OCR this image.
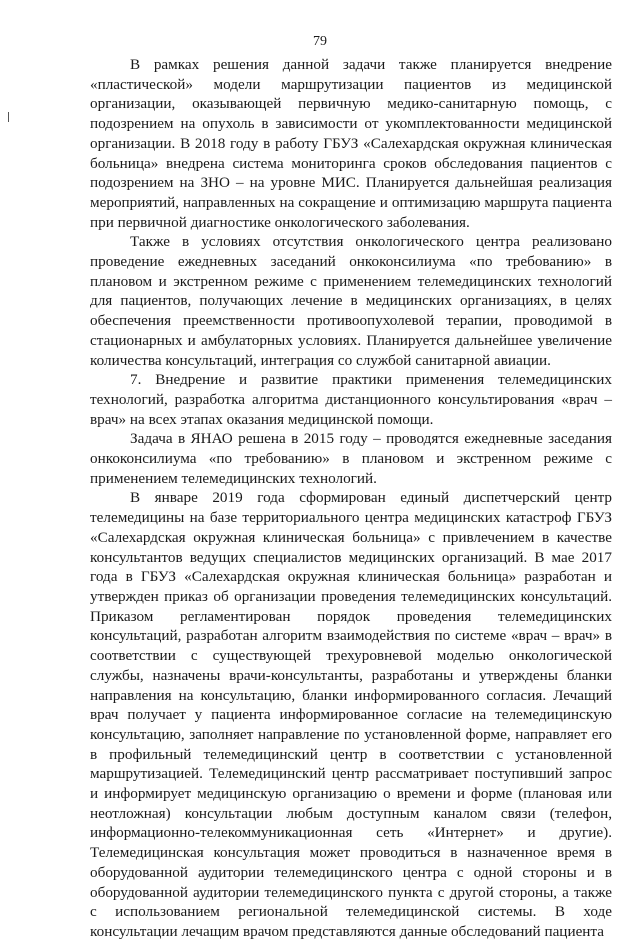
79

В рамках решения данной задачи также планируется внедрение «пластической» модели маршрутизации пациентов из медицинской организации, оказывающей первичную медико-санитарную помощь, с подозрением на опухоль в зависимости от укомплектованности медицинской организации. В 2018 году в работу ГБУЗ «Салехардская окружная клиническая больница» внедрена система мониторинга сроков обследования пациентов с подозрением на ЗНО – на уровне МИС. Планируется дальнейшая реализация мероприятий, направленных на сокращение и оптимизацию маршрута пациента при первичной диагностике онкологического заболевания.

Также в условиях отсутствия онкологического центра реализовано проведение ежедневных заседаний онкоконсилиума «по требованию» в плановом и экстренном режиме с применением телемедицинских технологий для пациентов, получающих лечение в медицинских организациях, в целях обеспечения преемственности противоопухолевой терапии, проводимой в стационарных и амбулаторных условиях. Планируется дальнейшее увеличение количества консультаций, интеграция со службой санитарной авиации.

7. Внедрение и развитие практики применения телемедицинских технологий, разработка алгоритма дистанционного консультирования «врач – врач» на всех этапах оказания медицинской помощи.

Задача в ЯНАО решена в 2015 году – проводятся ежедневные заседания онкоконсилиума «по требованию» в плановом и экстренном режиме с применением телемедицинских технологий.

В январе 2019 года сформирован единый диспетчерский центр телемедицины на базе территориального центра медицинских катастроф ГБУЗ «Салехардская окружная клиническая больница» с привлечением в качестве консультантов ведущих специалистов медицинских организаций. В мае 2017 года в ГБУЗ «Салехардская окружная клиническая больница» разработан и утвержден приказ об организации проведения телемедицинских консультаций. Приказом регламентирован порядок проведения телемедицинских консультаций, разработан алгоритм взаимодействия по системе «врач – врач» в соответствии с существующей трехуровневой моделью онкологической службы, назначены врачи-консультанты, разработаны и утверждены бланки направления на консультацию, бланки информированного согласия. Лечащий врач получает у пациента информированное согласие на телемедицинскую консультацию, заполняет направление по установленной форме, направляет его в профильный телемедицинский центр в соответствии с установленной маршрутизацией. Телемедицинский центр рассматривает поступивший запрос и информирует медицинскую организацию о времени и форме (плановая или неотложная) консультации любым доступным каналом связи (телефон, информационно-телекоммуникационная сеть «Интернет» и другие). Телемедицинская консультация может проводиться в назначенное время в оборудованной аудитории телемедицинского центра с одной стороны и в оборудованной аудитории телемедицинского пункта с другой стороны, а также с использованием региональной телемедицинской системы. В ходе консультации лечащим врачом представляются данные обследований пациента
